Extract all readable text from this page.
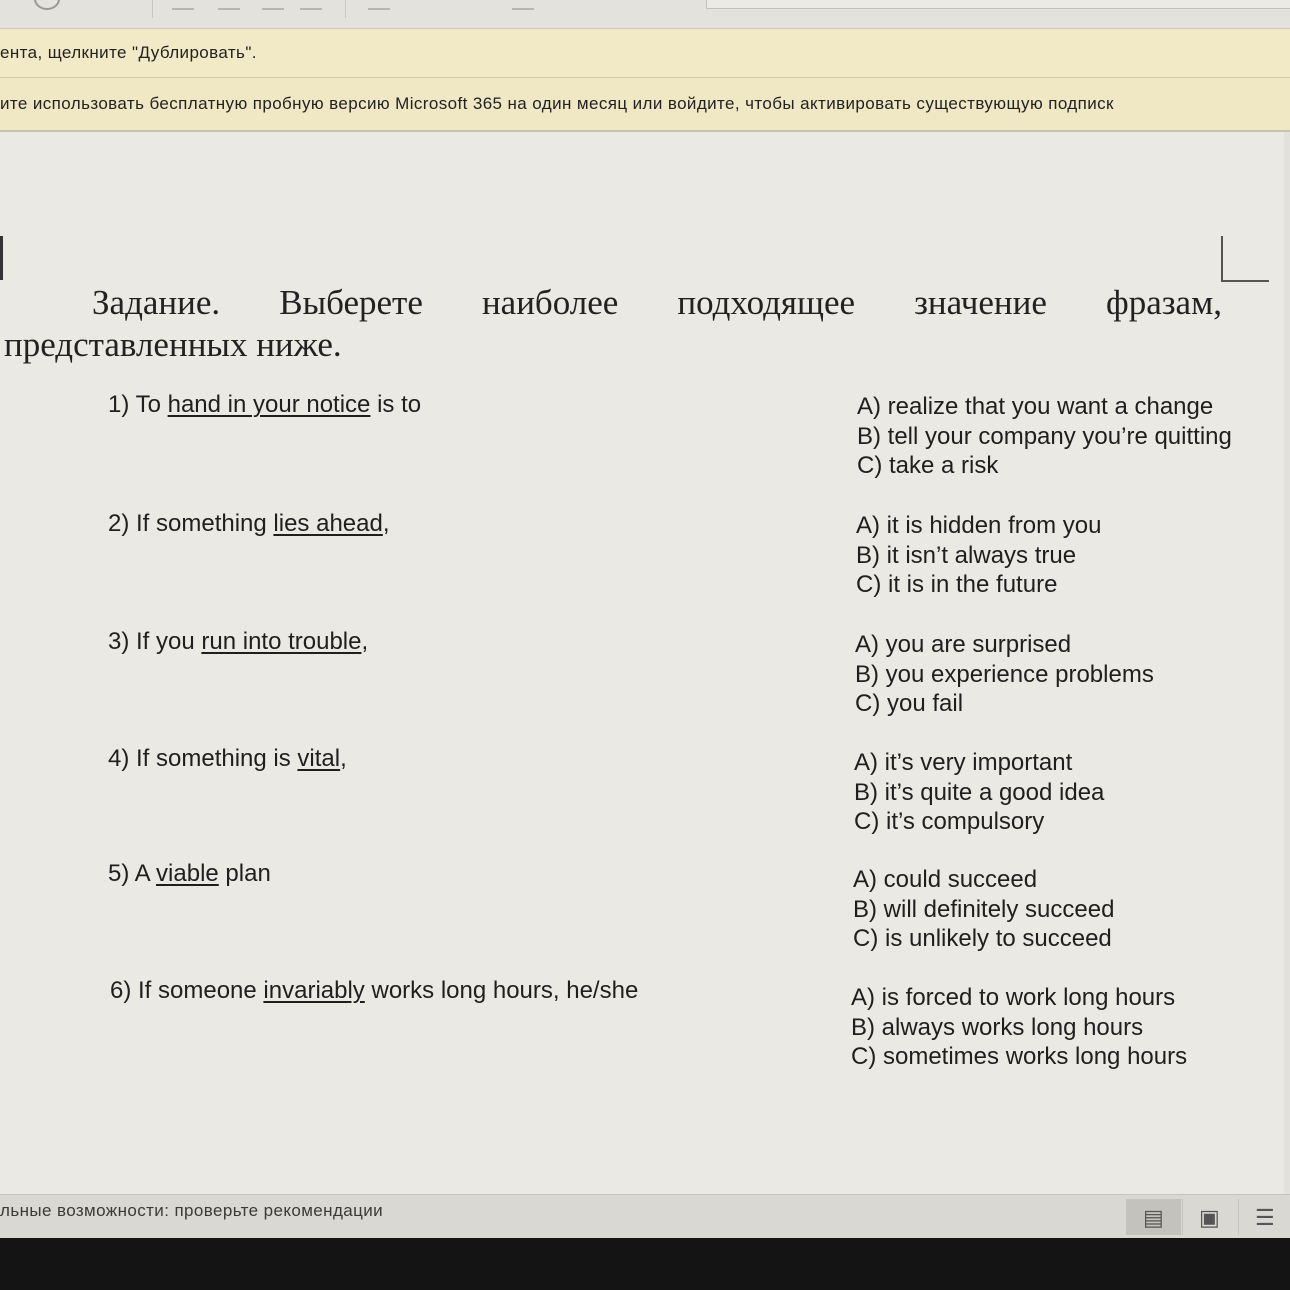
ента, щелкните "Дублировать".
ите использовать бесплатную пробную версию Microsoft 365 на один месяц или войдите, чтобы активировать существующую подписк
Задание. Выберете наиболее подходящее значение фразам,
представленных ниже.
1) To hand in your notice is to	A) realize that you want a change
B) tell your company you’re quitting
C) take a risk
2) If something lies ahead,	A) it is hidden from you
B) it isn’t always true
C) it is in the future
3) If you run into trouble,	A) you are surprised
B) you experience problems
C) you fail
4) If something is vital,	A) it’s very important
B) it’s quite a good idea
C) it’s compulsory
5) A viable plan	A) could succeed
B) will definitely succeed
C) is unlikely to succeed
6) If someone invariably works long hours, he/she	A) is forced to work long hours
B) always works long hours
C) sometimes works long hours
льные возможности: проверьте рекомендации	▤ ▣ ☰
